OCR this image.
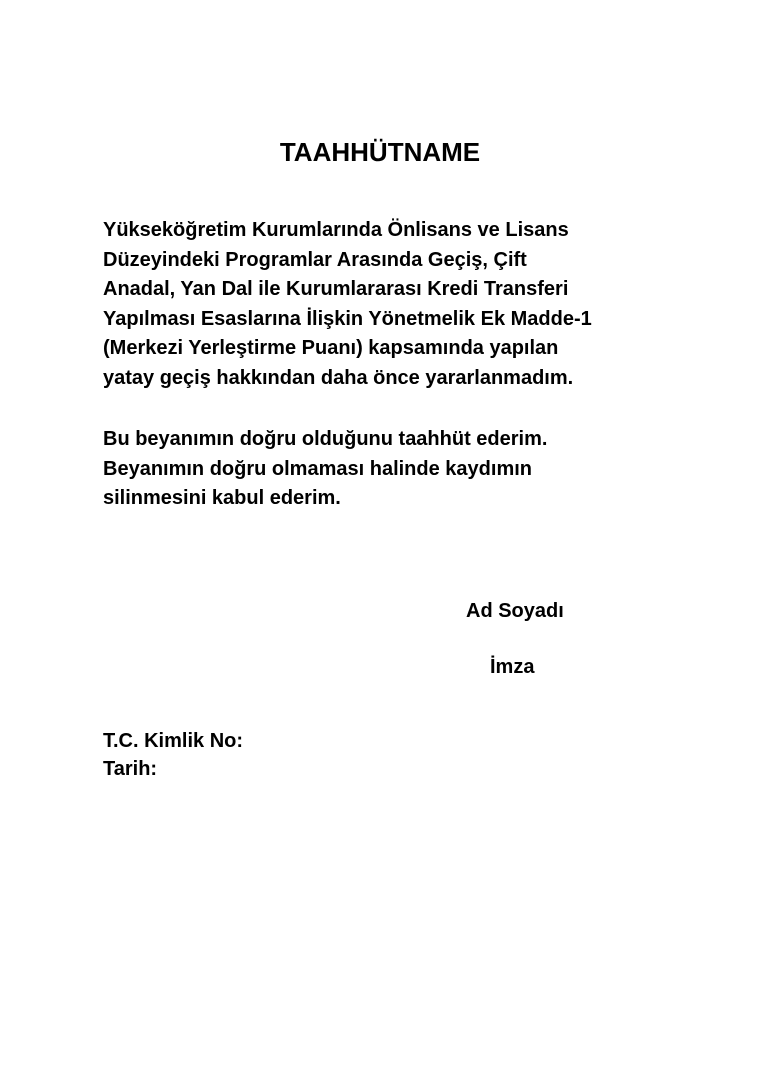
TAAHHÜTNAME
Yükseköğretim Kurumlarında Önlisans ve Lisans
Düzeyindeki Programlar Arasında Geçiş, Çift
Anadal, Yan Dal ile Kurumlararası Kredi Transferi
Yapılması Esaslarına İlişkin Yönetmelik Ek Madde-1
(Merkezi Yerleştirme Puanı) kapsamında yapılan
yatay geçiş hakkından daha önce yararlanmadım.
Bu beyanımın doğru olduğunu taahhüt ederim.
Beyanımın doğru olmaması halinde kaydımın
silinmesini kabul ederim.
Ad Soyadı
İmza
T.C. Kimlik No:
Tarih:
